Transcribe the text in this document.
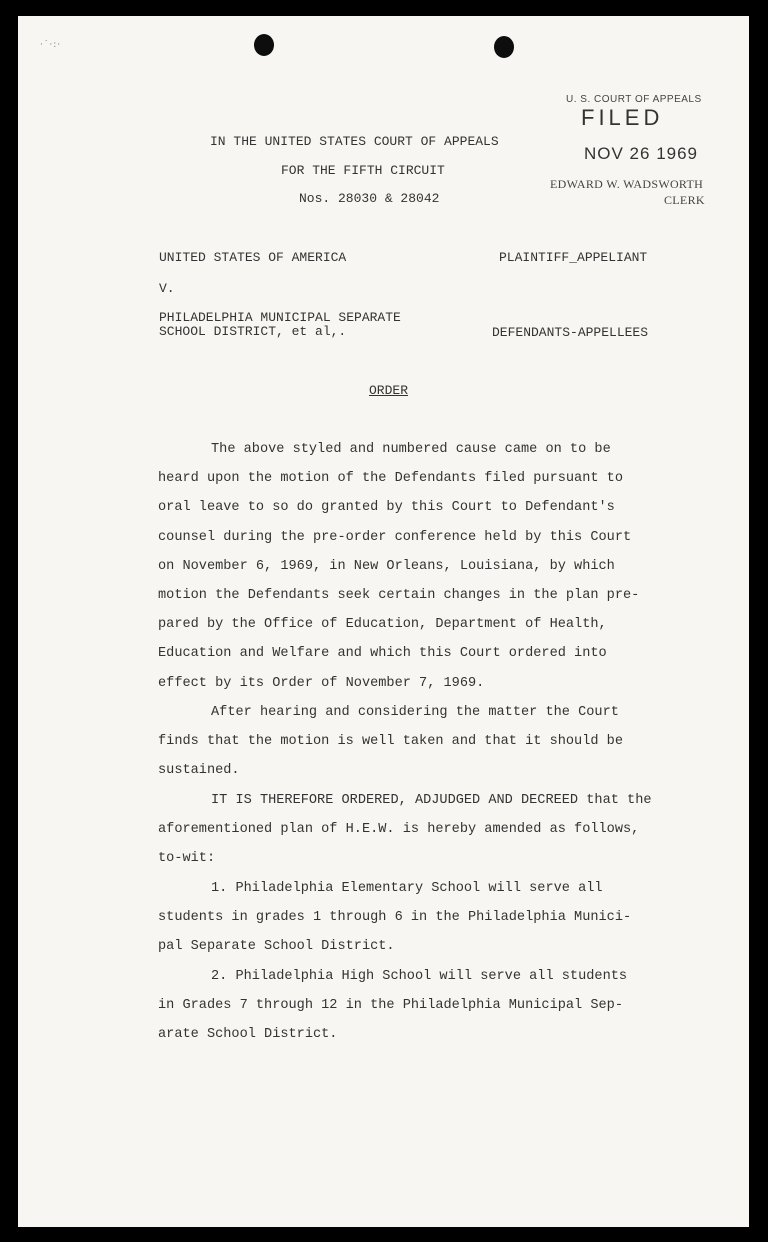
·˙·:·
U. S. COURT OF APPEALS
FILED
NOV 26 1969
EDWARD W. WADSWORTH
CLERK
IN THE UNITED STATES COURT OF APPEALS
FOR THE FIFTH CIRCUIT
Nos. 28030 & 28042
UNITED STATES OF AMERICA	PLAINTIFF_APPELIANT
V.
PHILADELPHIA MUNICIPAL SEPARATE
SCHOOL DISTRICT, et al,.	DEFENDANTS-APPELLEES
ORDER
The above styled and numbered cause came on to be
heard upon the motion of the Defendants filed pursuant to
oral leave to so do granted by this Court to Defendant's
counsel during the pre-order conference held by this Court
on November 6, 1969, in New Orleans, Louisiana, by which
motion the Defendants seek certain changes in the plan pre-
pared by the Office of Education, Department of Health,
Education and Welfare and which this Court ordered into
effect by its Order of November 7, 1969.
After hearing and considering the matter the Court
finds that the motion is well taken and that it should be
sustained.
IT IS THEREFORE ORDERED, ADJUDGED AND DECREED that the
aforementioned plan of H.E.W. is hereby amended as follows,
to-wit:
1. Philadelphia Elementary School will serve all
students in grades 1 through 6 in the Philadelphia Munici-
pal Separate School District.
2. Philadelphia High School will serve all students
in Grades 7 through 12 in the Philadelphia Municipal Sep-
arate School District.
